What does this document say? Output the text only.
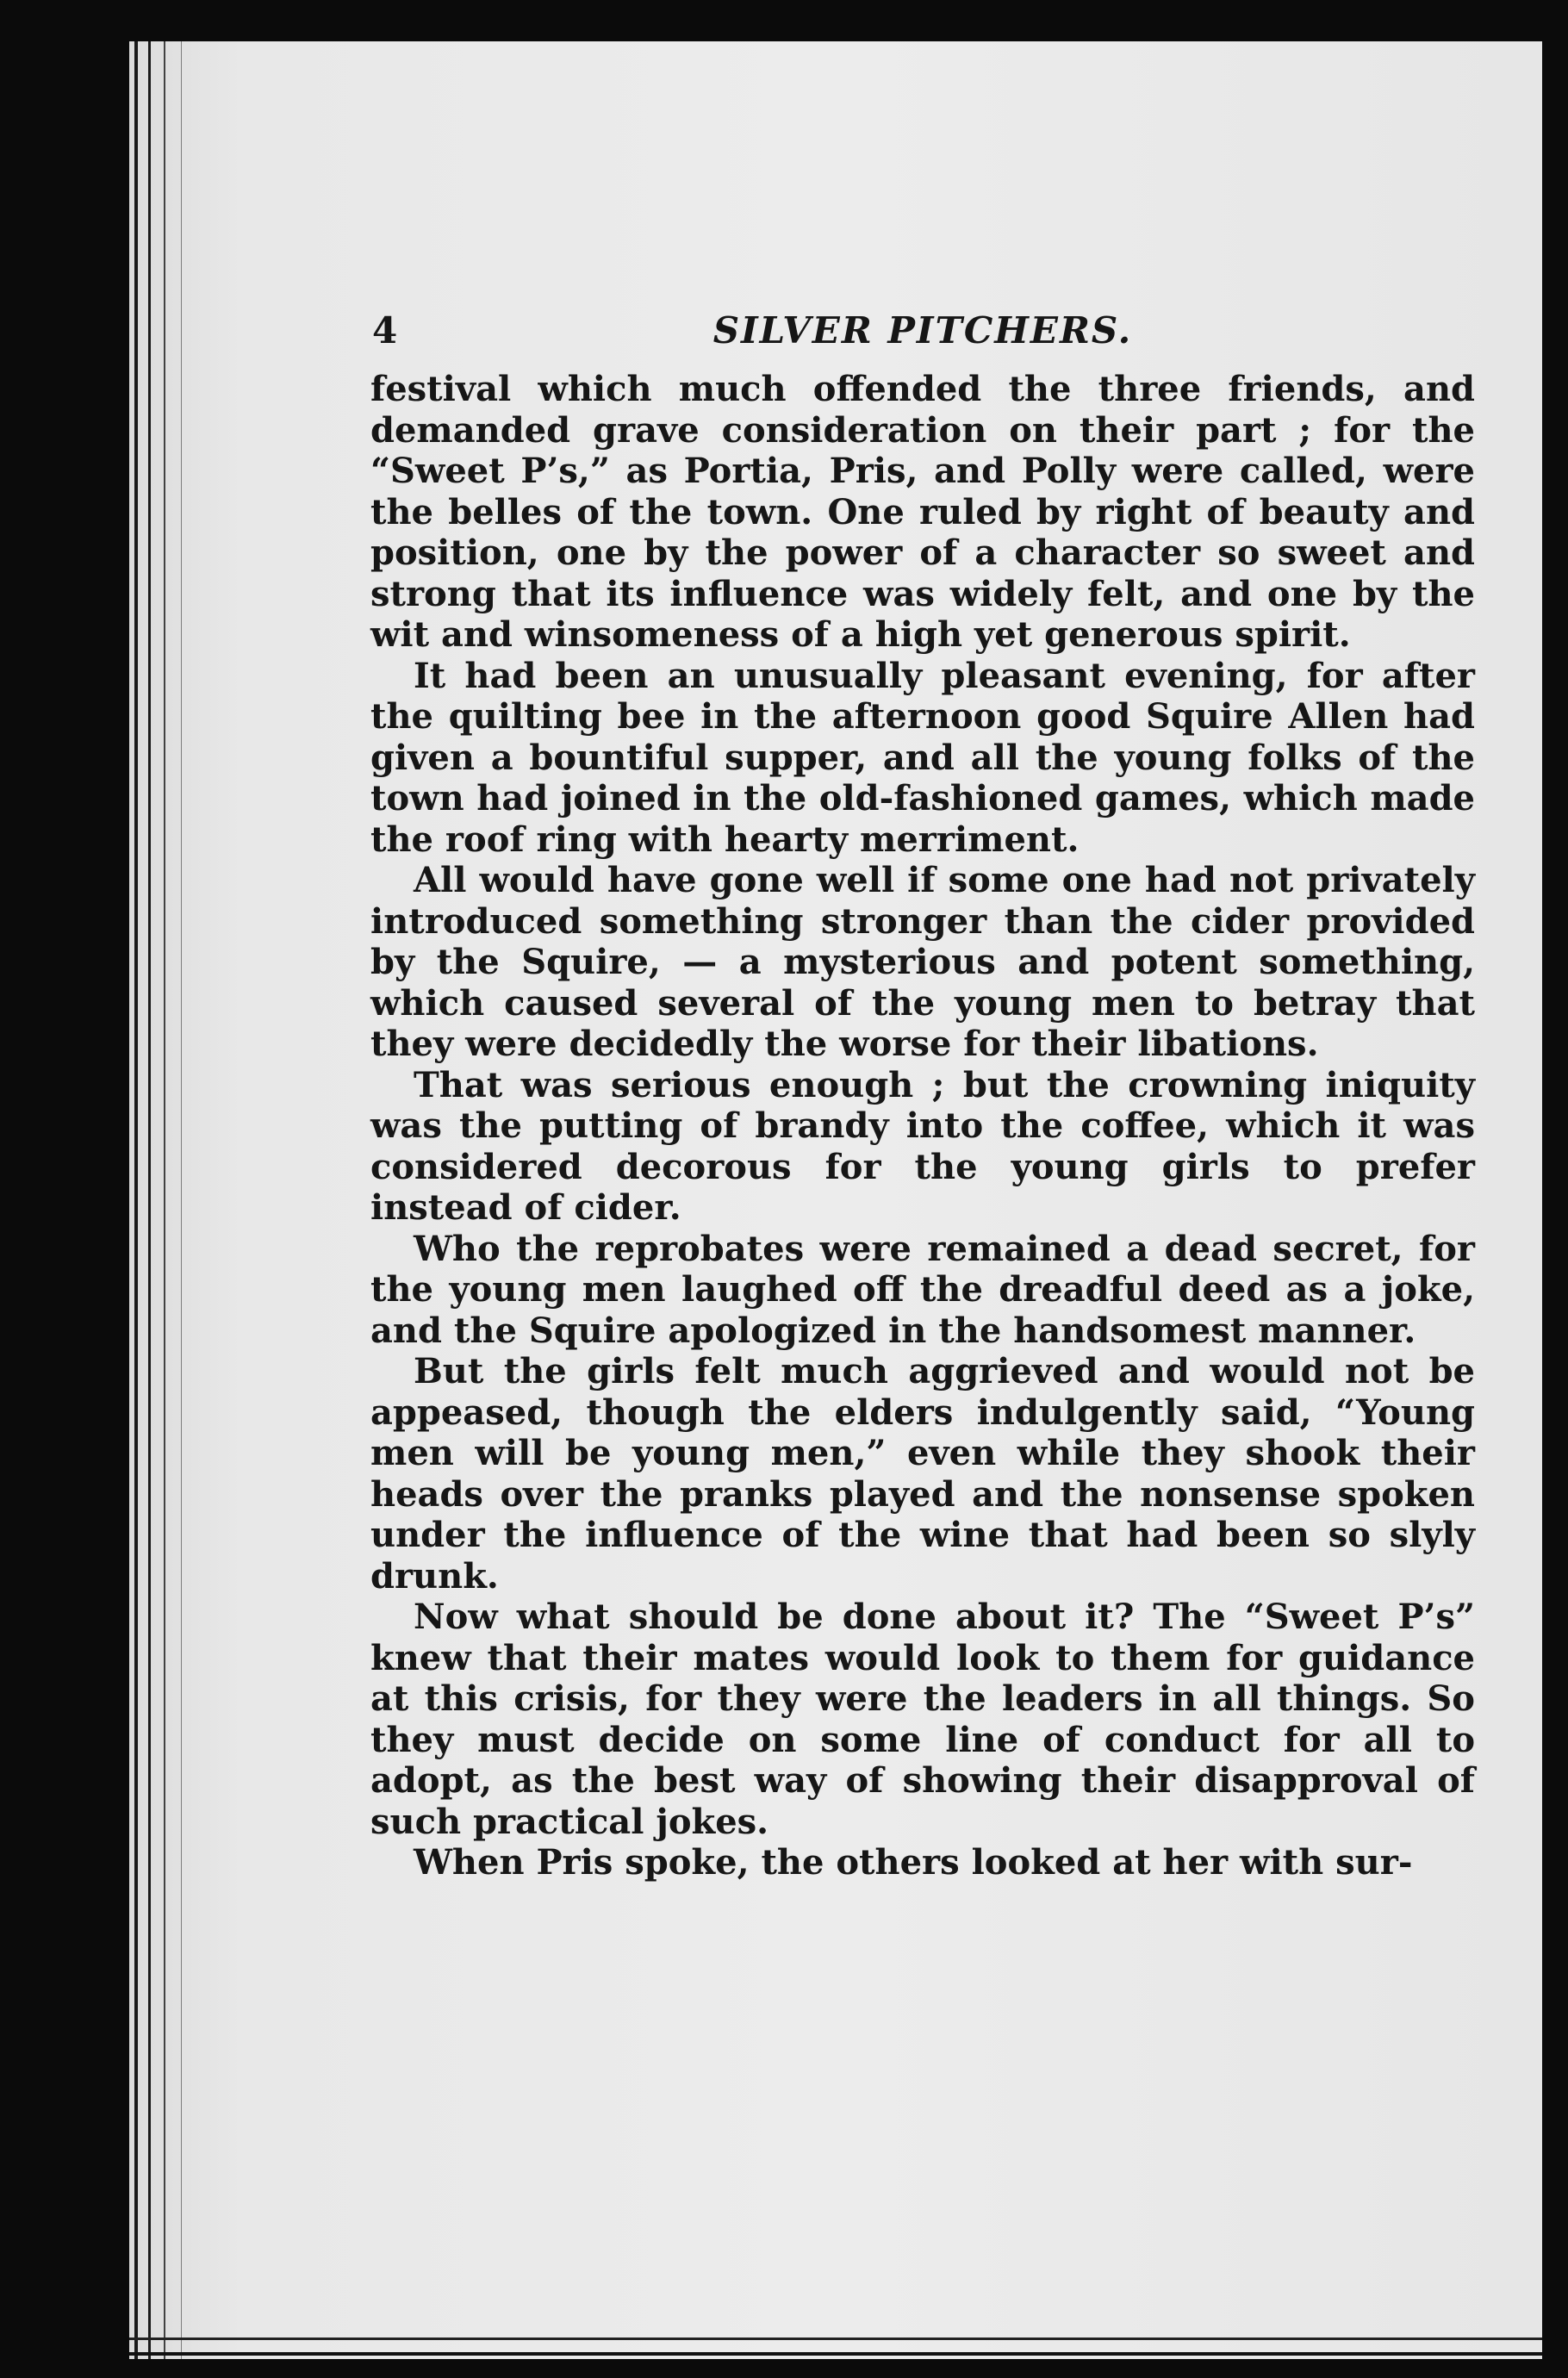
4	SILVER PITCHERS.

festival which much offended the three friends, and demanded grave consideration on their part ; for the “Sweet P’s,” as Portia, Pris, and Polly were called, were the belles of the town. One ruled by right of beauty and position, one by the power of a character so sweet and strong that its influence was widely felt, and one by the wit and winsomeness of a high yet generous spirit.

It had been an unusually pleasant evening, for after the quilting bee in the afternoon good Squire Allen had given a bountiful supper, and all the young folks of the town had joined in the old-fashioned games, which made the roof ring with hearty merriment.

All would have gone well if some one had not privately introduced something stronger than the cider provided by the Squire, — a mysterious and potent something, which caused several of the young men to betray that they were decidedly the worse for their libations.

That was serious enough ; but the crowning iniquity was the putting of brandy into the coffee, which it was considered decorous for the young girls to prefer instead of cider.

Who the reprobates were remained a dead secret, for the young men laughed off the dreadful deed as a joke, and the Squire apologized in the handsomest manner.

But the girls felt much aggrieved and would not be appeased, though the elders indulgently said, “Young men will be young men,” even while they shook their heads over the pranks played and the nonsense spoken under the influence of the wine that had been so slyly drunk.

Now what should be done about it? The “Sweet P’s” knew that their mates would look to them for guidance at this crisis, for they were the leaders in all things. So they must decide on some line of conduct for all to adopt, as the best way of showing their disapproval of such practical jokes.

When Pris spoke, the others looked at her with sur-
